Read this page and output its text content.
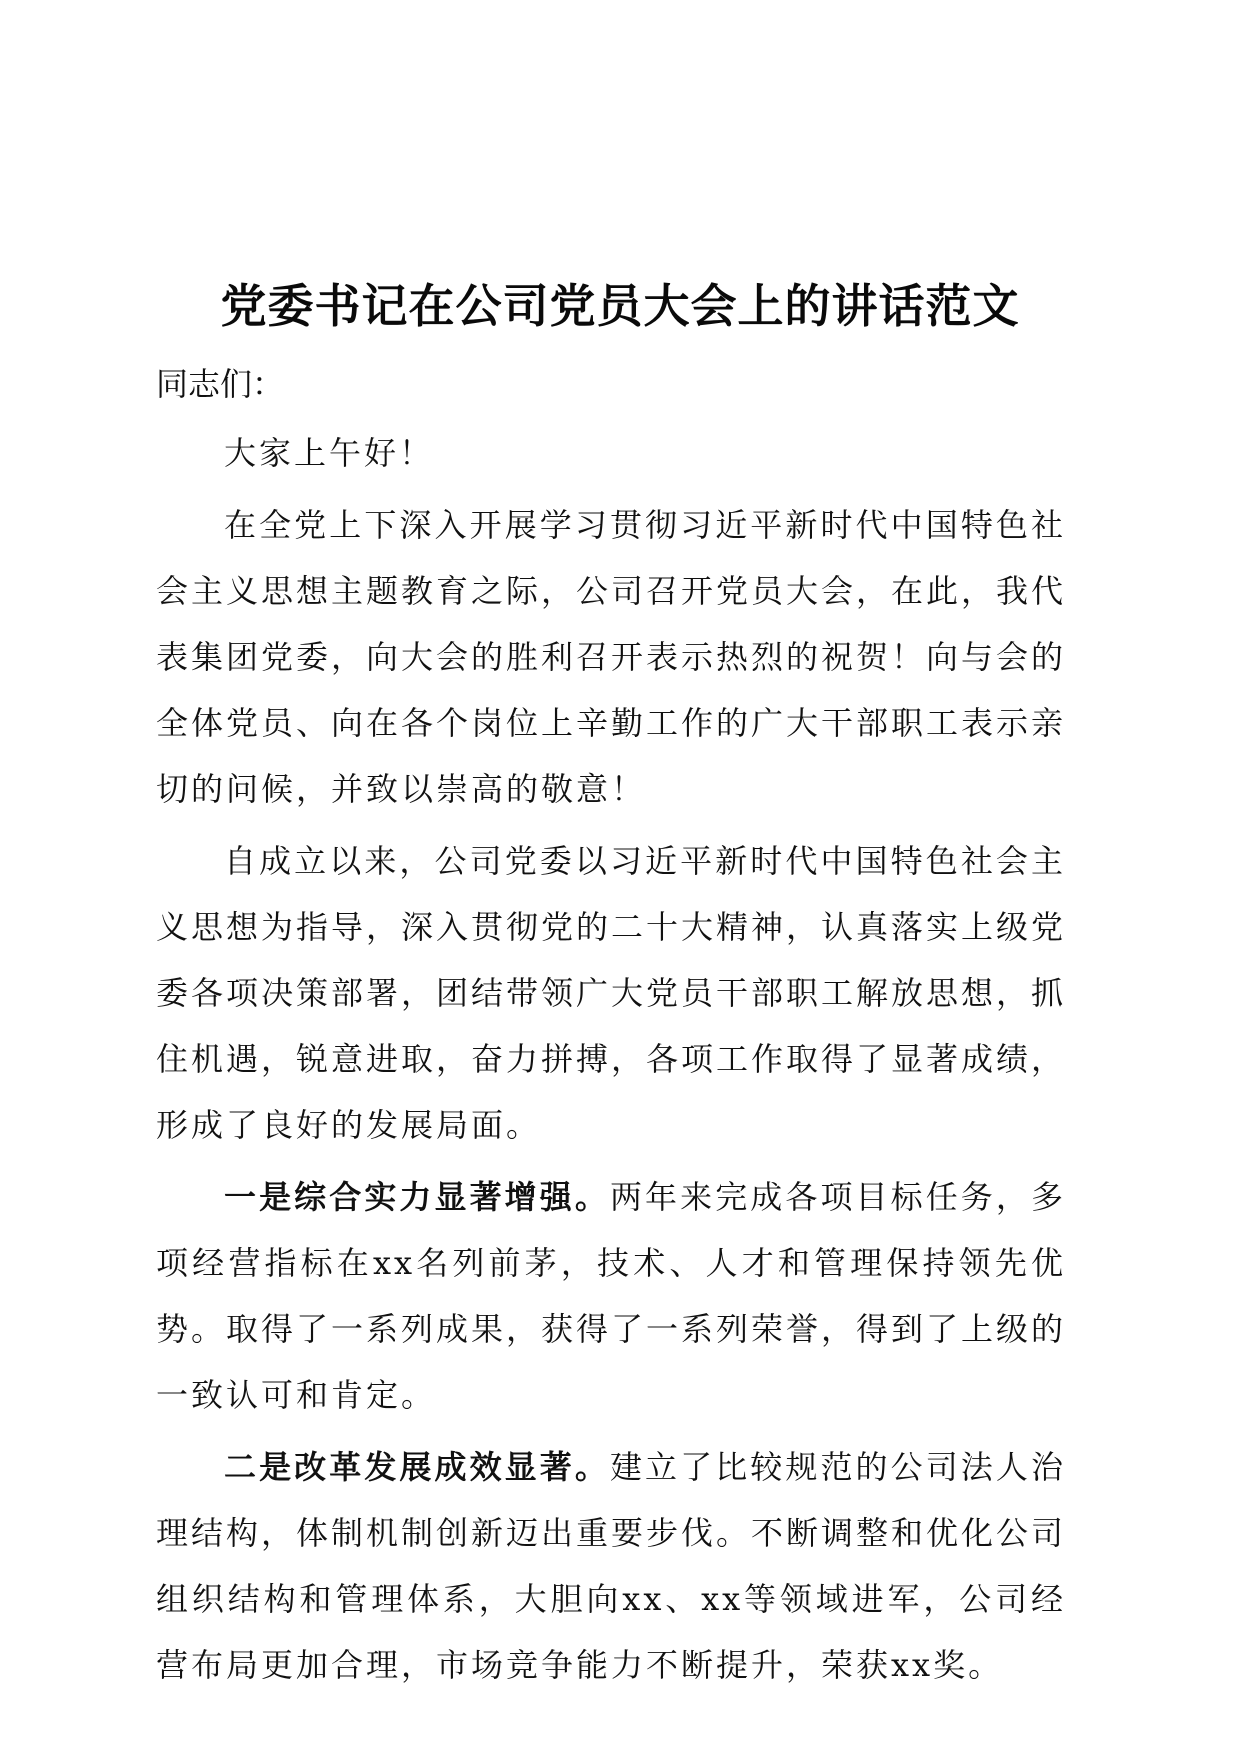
党委书记在公司党员大会上的讲话范文

同志们：

大家上午好！

在全党上下深入开展学习贯彻习近平新时代中国特色社会主义思想主题教育之际，公司召开党员大会，在此，我代表集团党委，向大会的胜利召开表示热烈的祝贺！向与会的全体党员、向在各个岗位上辛勤工作的广大干部职工表示亲切的问候，并致以崇高的敬意！

自成立以来，公司党委以习近平新时代中国特色社会主义思想为指导，深入贯彻党的二十大精神，认真落实上级党委各项决策部署，团结带领广大党员干部职工解放思想，抓住机遇，锐意进取，奋力拼搏，各项工作取得了显著成绩，形成了良好的发展局面。

一是综合实力显著增强。两年来完成各项目标任务，多项经营指标在xx名列前茅，技术、人才和管理保持领先优势。取得了一系列成果，获得了一系列荣誉，得到了上级的一致认可和肯定。

二是改革发展成效显著。建立了比较规范的公司法人治理结构，体制机制创新迈出重要步伐。不断调整和优化公司组织结构和管理体系，大胆向xx、xx等领域进军，公司经营布局更加合理，市场竞争能力不断提升，荣获xx奖。
